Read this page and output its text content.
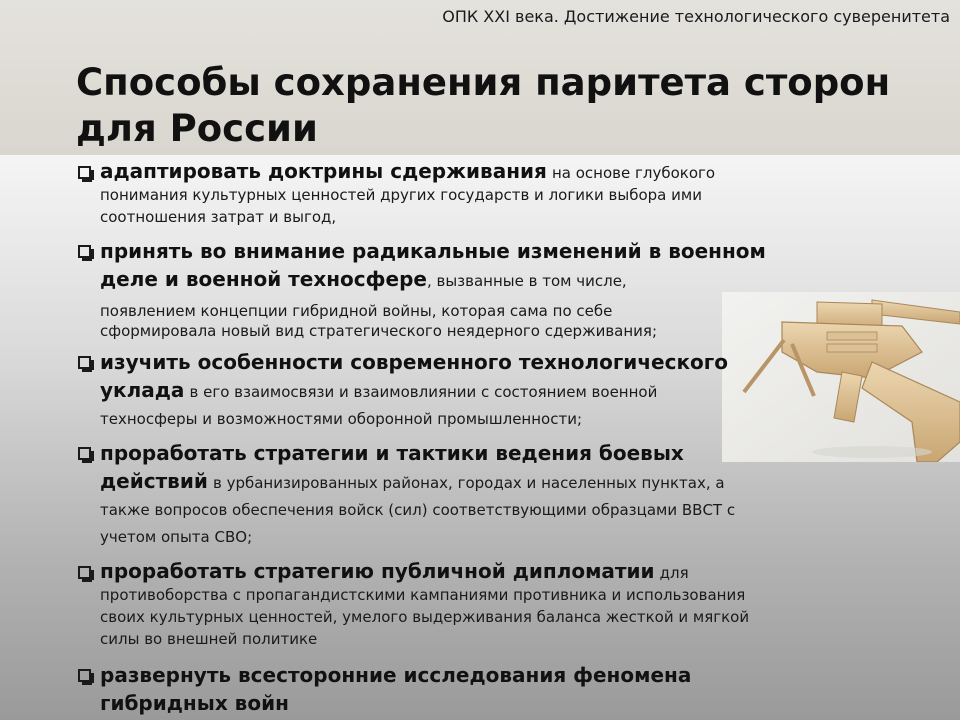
ОПК XXI века. Достижение технологического суверенитета
Способы сохранения паритета сторон для России
адаптировать доктрины сдерживания на основе глубокого понимания культурных ценностей других государств и логики выбора ими соотношения затрат и выгод,
принять во внимание радикальные изменений в военном деле и военной техносфере, вызванные в том числе,
появлением концепции гибридной войны, которая сама по себе сформировала новый вид стратегического неядерного сдерживания;
изучить особенности современного технологического уклада в его взаимосвязи и взаимовлиянии с состоянием военной техносферы и возможностями оборонной промышленности;
проработать стратегии и тактики ведения боевых действий в урбанизированных районах, городах и населенных пунктах, а также вопросов обеспечения войск (сил) соответствующими образцами ВВСТ с учетом опыта СВО;
проработать стратегию публичной дипломатии для противоборства с пропагандистскими кампаниями противника и использования своих культурных ценностей, умелого выдерживания баланса жесткой и мягкой силы во внешней политике
развернуть всесторонние исследования феномена гибридных войн
